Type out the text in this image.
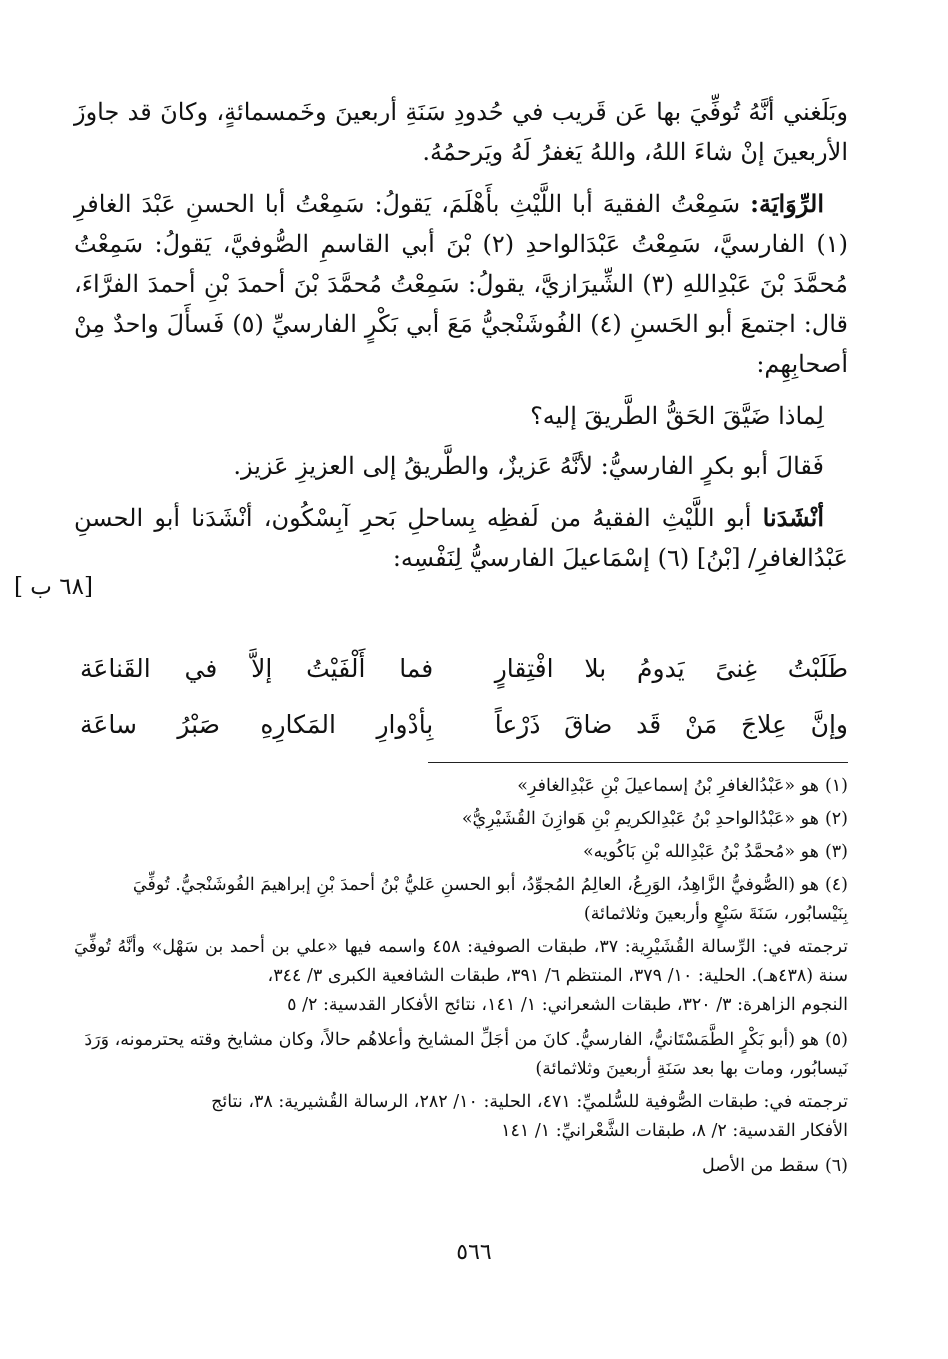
وبَلَغني أنَّهُ تُوفِّيَ بها عَن قَريب في حُدودِ سَنَةِ أربعينَ وخَمسمائةٍ، وكانَ قد جاوزَ الأربعينَ إنْ شاءَ اللهُ، واللهُ يَغفرُ لَهُ ويَرحمُهُ.

الرِّوَايَة: سَمِعْتُ الفقيهَ أبا اللَّيْثِ بأَهْلَمَ، يَقولُ: سَمِعْتُ أبا الحسنِ عَبْدَ الغافرِ (١) الفارسيَّ، سَمِعْتُ عَبْدَالواحدِ (٢) بْنَ أبي القاسمِ الصُّوفيَّ، يَقولُ: سَمِعْتُ مُحمَّدَ بْنَ عَبْدِاللهِ (٣) الشِّيرَازيَّ، يقولُ: سَمِعْتُ مُحمَّدَ بْنَ أحمدَ بْنِ أحمدَ الفرَّاءَ، قال: اجتمعَ أبو الحَسنِ (٤) الفُوشَنْجيُّ مَعَ أبي بَكْرٍ الفارسيِّ (٥) فَسأَلَ واحدٌ مِنْ أصحابِهِم:

لِماذا ضَيَّقَ الحَقُّ الطَّريقَ إليه؟

فَقالَ أبو بكرٍ الفارسيُّ: لأنَّهُ عَزيزٌ، والطَّريقُ إلى العزيزِ عَزيز.

أنْشَدَنا أبو اللَّيْثِ الفقيهُ من لَفظِه بِساحلِ بَحرِ آبِسْكُون، أنْشَدَنا أبو الحسنِ عَبْدُالغافرِ/ [بْنُ] (٦) إسْمَاعيلَ الفارسيُّ لِنَفْسِه:

[٦٨ ب ]
طَلَبْتُ غِنىً يَدومُ بلا افْتِقارٍ
فما أَلْفَيْتُ إلاَّ في القَناعَة
وإنَّ عِلاجَ مَنْ قَد ضاقَ ذَرْعاً
بِأدْوارِ المَكارِهِ صَبْرُ ساعَة
(١)هو «عَبْدُالغافرِ بْنُ إسماعيلَ بْنِ عَبْدِالغافرِ»
(٢)هو «عَبْدُالواحدِ بْنُ عَبْدِالكريمِ بْنِ هَوازِنَ القُشَيْرِيُّ»
(٣)هو «مُحمَّدُ بْنُ عَبْدِالله بْنِ بَاكُويه»
(٤)هو (الصُّوفيُّ الزَّاهِدُ، الوَرِعُ، العالِمُ المُجوِّدُ، أبو الحسنِ عَليُّ بْنُ أحمدَ بْنِ إبراهيمَ الفُوشَنْجيُّ. تُوفِّيَ بِنَيْسابُور، سَنَةَ سَبْعٍ وأربعينَ وثلاثمائة)
ترجمته في: الرِّسالة القُشَيْرِية: ٣٧، طبقات الصوفية: ٤٥٨ واسمه فيها «علي بن أحمد بن سَهْل» وأنَّهُ تُوفِّيَ سنة (٤٣٨هـ). الحلية: ١٠/ ٣٧٩، المنتظم ٦/ ٣٩١، طبقات الشافعية الكبرى ٣/ ٣٤٤،
النجوم الزاهرة: ٣/ ٣٢٠، طبقات الشعراني: ١/ ١٤١، نتائج الأفكار القدسية: ٢/ ٥
(٥)هو (أبو بَكْرٍ الطَّمَسْتَانيُّ، الفارسيُّ. كانَ من أجَلِّ المشايخ وأعلاهُم حالاً، وكان مشايخ وقته يحترمونه، وَرَدَ نَيسابُور، ومات بها بعد سَنَةِ أربعينَ وثلاثمائة)
ترجمته في: طبقات الصُّوفية للسُّلميِّ: ٤٧١، الحلية: ١٠/ ٢٨٢، الرسالة القُشيرية: ٣٨، نتائج
الأفكار القدسية: ٢/ ٨، طبقات الشَّعْرانيِّ: ١/ ١٤١
(٦)سقط من الأصل
٥٦٦
